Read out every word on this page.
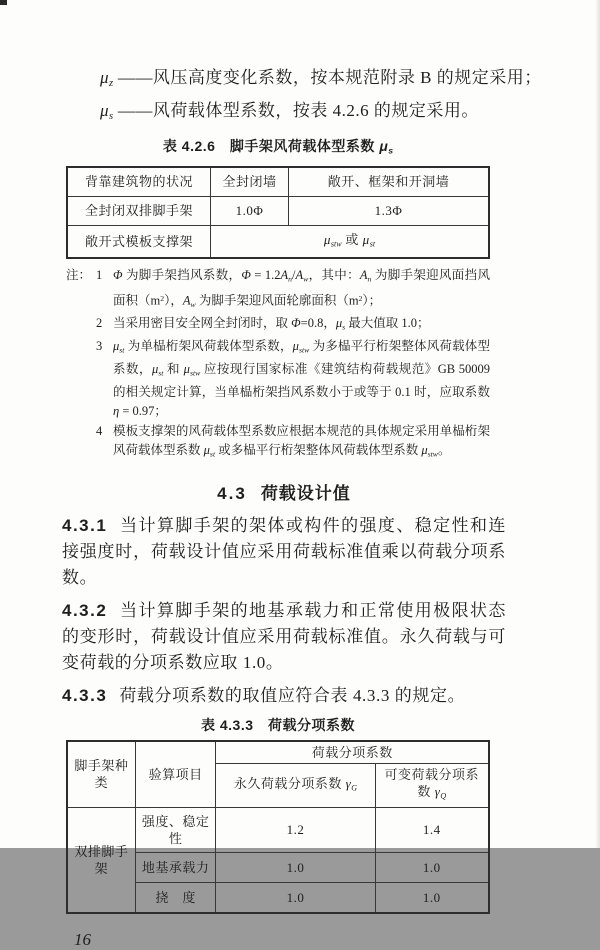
μz ——风压高度变化系数，按本规范附录 B 的规定采用；
μs ——风荷载体型系数，按表 4.2.6 的规定采用。
表 4.2.6　脚手架风荷载体型系数 μs
背靠建筑物的状况	全封闭墙	敞开、框架和开洞墙
全封闭双排脚手架	1.0Φ	1.3Φ
敞开式模板支撑架	μstw 或 μst	
注： 1 Φ 为脚手架挡风系数，Φ = 1.2An/Aw，其中：An 为脚手架迎风面挡风面积$(m^2)$，Aw 为脚手架迎风面轮廓面积$(m^2)$；
2 当采用密目安全网全封闭时，取 Φ=0.8，μs 最大值取 1.0；
3 μst 为单榀桁架风荷载体型系数，μstw 为多榀平行桁架整体风荷载体型系数，μst 和 μstw 应按现行国家标准《建筑结构荷载规范》GB 50009 的相关规定计算，当单榀桁架挡风系数小于或等于 0.1 时，应取系数 η = 0.97；
4 模板支撑架的风荷载体型系数应根据本规范的具体规定采用单榀桁架风荷载体型系数 μst 或多榀平行桁架整体风荷载体型系数 μstw。
4.3 荷载设计值

4.3.1 当计算脚手架的架体或构件的强度、稳定性和连接强度时，荷载设计值应采用荷载标准值乘以荷载分项系数。

4.3.2 当计算脚手架的地基承载力和正常使用极限状态的变形时，荷载设计值应采用荷载标准值。永久荷载与可变荷载的分项系数应取 1.0。

4.3.3 荷载分项系数的取值应符合表 4.3.3 的规定。

表 4.3.3　荷载分项系数
脚手架种类	验算项目	荷载分项系数	
		永久荷载分项系数 γG	可变荷载分项系数 γQ
双排脚手架	强度、稳定性	1.2	1.4
	地基承载力	1.0	1.0
	挠　度	1.0	1.0
16
